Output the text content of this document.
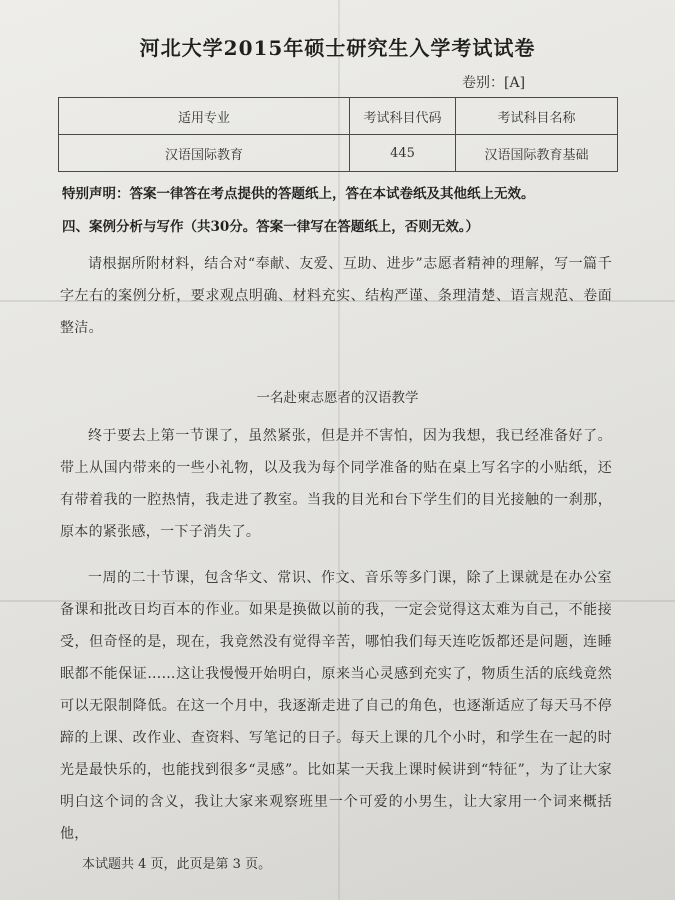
河北大学2015年硕士研究生入学考试试卷
卷别：[A]
适用专业	考试科目代码	考试科目名称
汉语国际教育	445	汉语国际教育基础
特别声明：答案一律答在考点提供的答题纸上，答在本试卷纸及其他纸上无效。
四、案例分析与写作（共30分。答案一律写在答题纸上，否则无效。）
请根据所附材料，结合对“奉献、友爱、互助、进步”志愿者精神的理解，写一篇千字左右的案例分析，要求观点明确、材料充实、结构严谨、条理清楚、语言规范、卷面整洁。
一名赴柬志愿者的汉语教学
终于要去上第一节课了，虽然紧张，但是并不害怕，因为我想，我已经准备好了。带上从国内带来的一些小礼物，以及我为每个同学准备的贴在桌上写名字的小贴纸，还有带着我的一腔热情，我走进了教室。当我的目光和台下学生们的目光接触的一刹那，原本的紧张感，一下子消失了。
一周的二十节课，包含华文、常识、作文、音乐等多门课，除了上课就是在办公室备课和批改日均百本的作业。如果是换做以前的我，一定会觉得这太难为自己，不能接受，但奇怪的是，现在，我竟然没有觉得辛苦，哪怕我们每天连吃饭都还是问题，连睡眠都不能保证……这让我慢慢开始明白，原来当心灵感到充实了，物质生活的底线竟然可以无限制降低。在这一个月中，我逐渐走进了自己的角色，也逐渐适应了每天马不停蹄的上课、改作业、查资料、写笔记的日子。每天上课的几个小时，和学生在一起的时光是最快乐的，也能找到很多“灵感”。比如某一天我上课时候讲到“特征”，为了让大家明白这个词的含义，我让大家来观察班里一个可爱的小男生，让大家用一个词来概括他，
本试题共 4 页，此页是第 3 页。
